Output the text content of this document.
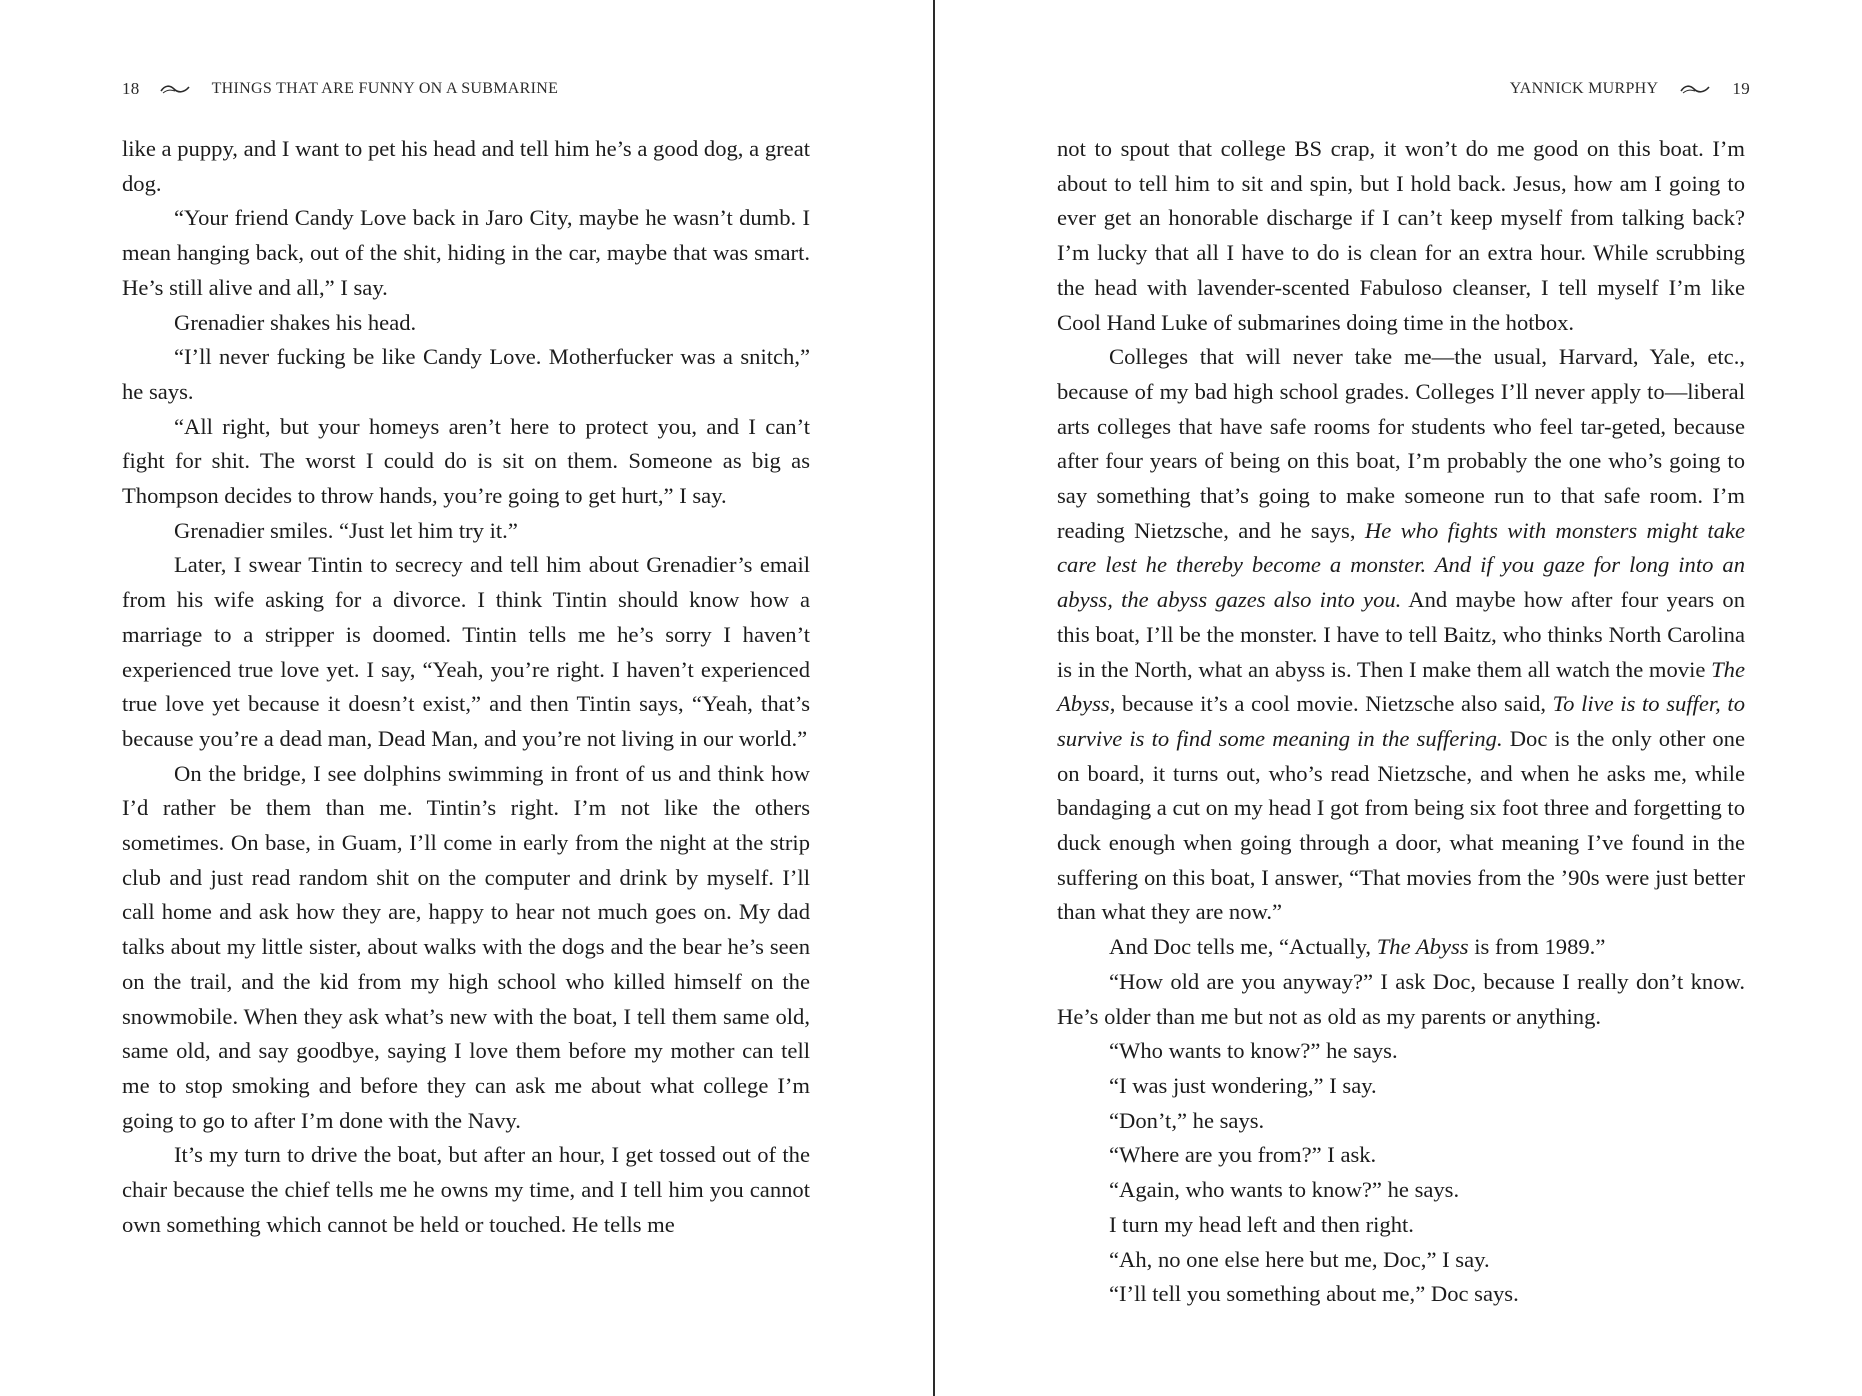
18	THINGS THAT ARE FUNNY ON A SUBMARINE

like a puppy, and I want to pet his head and tell him he’s a good dog, a great dog.

“Your friend Candy Love back in Jaro City, maybe he wasn’t dumb. I mean hanging back, out of the shit, hiding in the car, maybe that was smart. He’s still alive and all,” I say.

Grenadier shakes his head.

“I’ll never fucking be like Candy Love. Motherfucker was a snitch,” he says.

“All right, but your homeys aren’t here to protect you, and I can’t fight for shit. The worst I could do is sit on them. Someone as big as Thompson decides to throw hands, you’re going to get hurt,” I say.

Grenadier smiles. “Just let him try it.”

Later, I swear Tintin to secrecy and tell him about Grenadier’s email from his wife asking for a divorce. I think Tintin should know how a marriage to a stripper is doomed. Tintin tells me he’s sorry I haven’t experienced true love yet. I say, “Yeah, you’re right. I haven’t experienced true love yet because it doesn’t exist,” and then Tintin says, “Yeah, that’s because you’re a dead man, Dead Man, and you’re not living in our world.”

On the bridge, I see dolphins swimming in front of us and think how I’d rather be them than me. Tintin’s right. I’m not like the others sometimes. On base, in Guam, I’ll come in early from the night at the strip club and just read random shit on the computer and drink by myself. I’ll call home and ask how they are, happy to hear not much goes on. My dad talks about my little sister, about walks with the dogs and the bear he’s seen on the trail, and the kid from my high school who killed himself on the snowmobile. When they ask what’s new with the boat, I tell them same old, same old, and say goodbye, saying I love them before my mother can tell me to stop smoking and before they can ask me about what college I’m going to go to after I’m done with the Navy.

It’s my turn to drive the boat, but after an hour, I get tossed out of the chair because the chief tells me he owns my time, and I tell him you cannot own something which cannot be held or touched. He tells me

YANNICK MURPHY	19

not to spout that college BS crap, it won’t do me good on this boat. I’m about to tell him to sit and spin, but I hold back. Jesus, how am I going to ever get an honorable discharge if I can’t keep myself from talking back? I’m lucky that all I have to do is clean for an extra hour. While scrubbing the head with lavender-scented Fabuloso cleanser, I tell myself I’m like Cool Hand Luke of submarines doing time in the hotbox.

Colleges that will never take me—the usual, Harvard, Yale, etc., because of my bad high school grades. Colleges I’ll never apply to—liberal arts colleges that have safe rooms for students who feel tar-geted, because after four years of being on this boat, I’m probably the one who’s going to say something that’s going to make someone run to that safe room. I’m reading Nietzsche, and he says, He who fights with monsters might take care lest he thereby become a monster. And if you gaze for long into an abyss, the abyss gazes also into you. And maybe how after four years on this boat, I’ll be the monster. I have to tell Baitz, who thinks North Carolina is in the North, what an abyss is. Then I make them all watch the movie The Abyss, because it’s a cool movie. Nietzsche also said, To live is to suffer, to survive is to find some meaning in the suffering. Doc is the only other one on board, it turns out, who’s read Nietzsche, and when he asks me, while bandaging a cut on my head I got from being six foot three and forgetting to duck enough when going through a door, what meaning I’ve found in the suffering on this boat, I answer, “That movies from the ’90s were just better than what they are now.”

And Doc tells me, “Actually, The Abyss is from 1989.”

“How old are you anyway?” I ask Doc, because I really don’t know. He’s older than me but not as old as my parents or anything.

“Who wants to know?” he says.

“I was just wondering,” I say.

“Don’t,” he says.

“Where are you from?” I ask.

“Again, who wants to know?” he says.

I turn my head left and then right.

“Ah, no one else here but me, Doc,” I say.

“I’ll tell you something about me,” Doc says.
